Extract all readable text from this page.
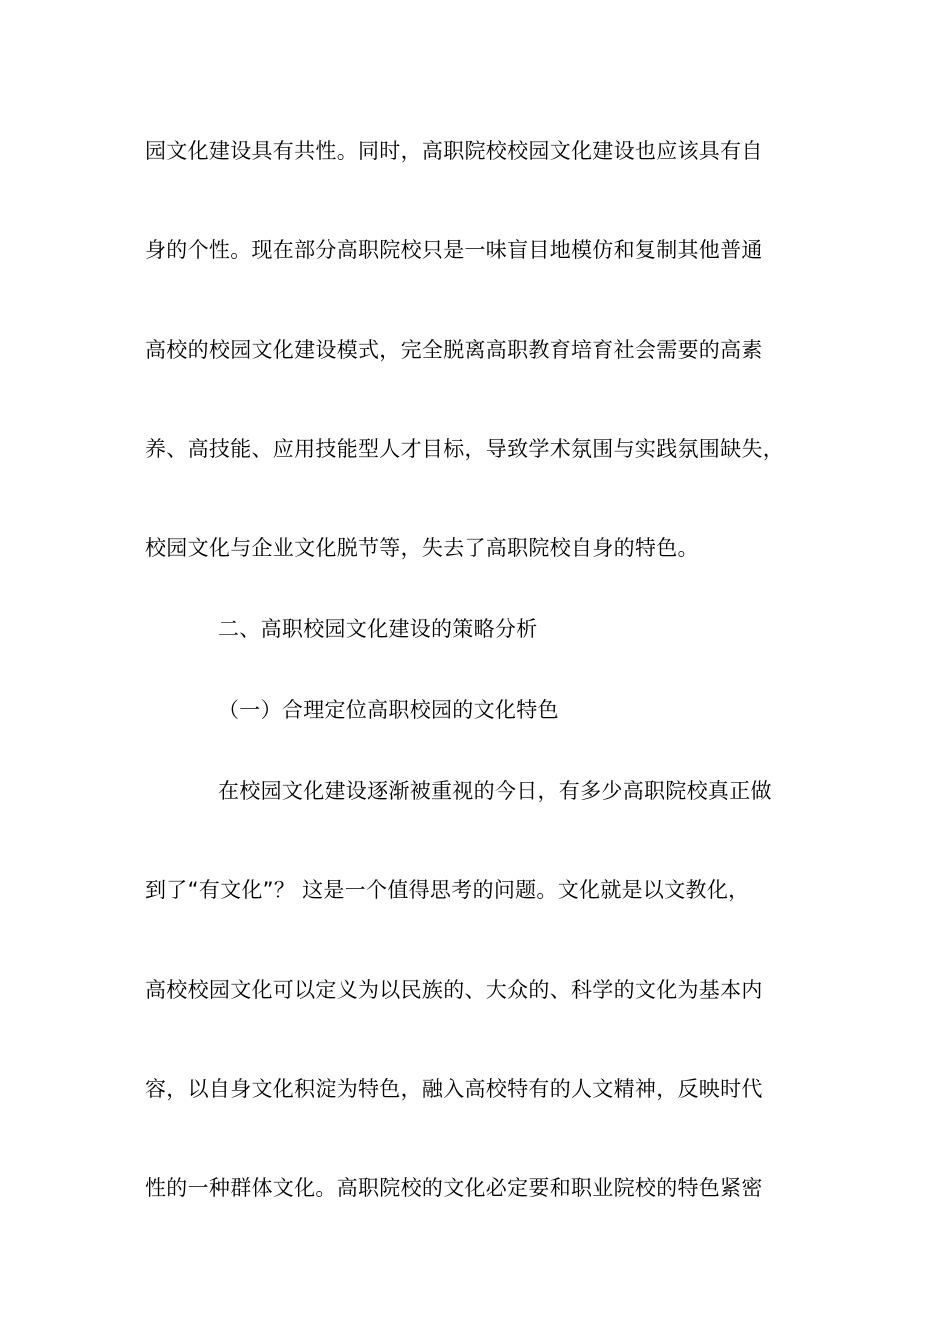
园文化建设具有共性。同时，高职院校校园文化建设也应该具有自
身的个性。现在部分高职院校只是一味盲目地模仿和复制其他普通
高校的校园文化建设模式，完全脱离高职教育培育社会需要的高素
养、高技能、应用技能型人才目标，导致学术氛围与实践氛围缺失，
校园文化与企业文化脱节等，失去了高职院校自身的特色。
二、高职校园文化建设的策略分析
（一）合理定位高职校园的文化特色
在校园文化建设逐渐被重视的今日，有多少高职院校真正做
到了“有文化”？ 这是一个值得思考的问题。文化就是以文教化，
高校校园文化可以定义为以民族的、大众的、科学的文化为基本内
容，以自身文化积淀为特色，融入高校特有的人文精神，反映时代
性的一种群体文化。高职院校的文化必定要和职业院校的特色紧密
